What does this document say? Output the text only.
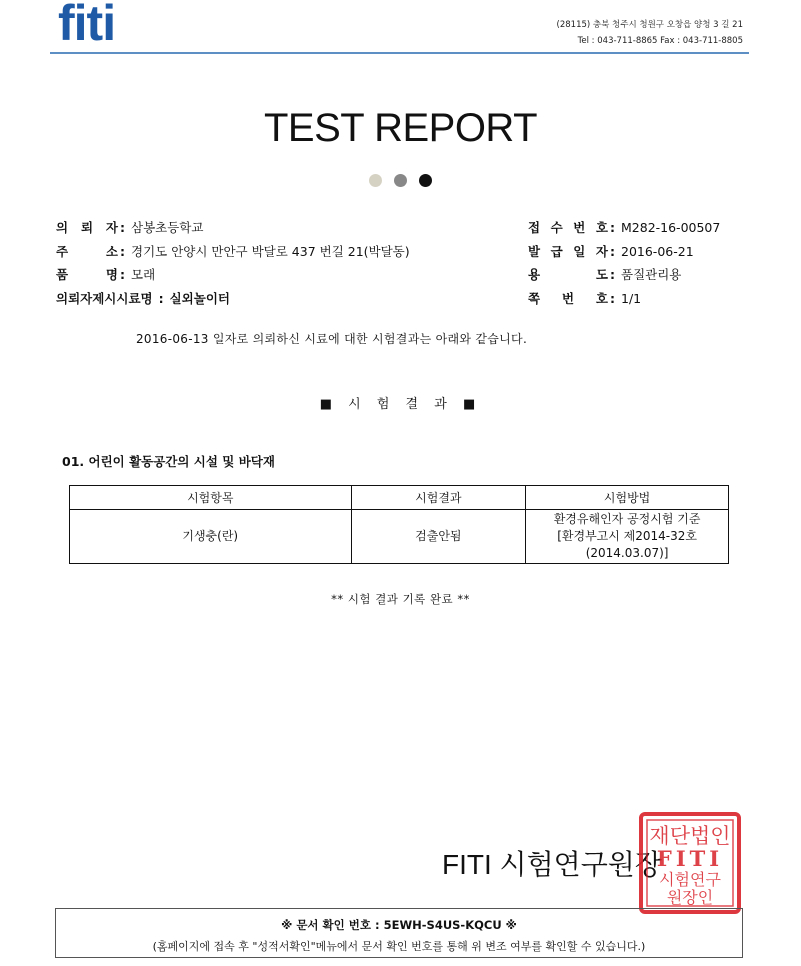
fiti	(28115) 충북 청주시 청원구 오창읍 양청 3 길 21
Tel : 043-711-8865 Fax : 043-711-8805
TEST REPORT
의 뢰 자 : 삼봉초등학교
주 소 : 경기도 안양시 만안구 박달로 437 번길 21(박달동)
품 명 : 모래
의뢰자제시시료명 : 실외놀이터
접 수 번 호 : M282-16-00507
발 급 일 자 : 2016-06-21
용 도 : 품질관리용
쪽 번 호 : 1/1
2016-06-13 일자로 의뢰하신 시료에 대한 시험결과는 아래와 같습니다.
■ 시 험 결 과 ■
01. 어린이 활동공간의 시설 및 바닥재
시험항목	시험결과	시험방법
기생충(란)	검출안됨	환경유해인자 공정시험 기준
[환경부고시 제2014-32호
(2014.03.07)]
** 시험 결과 기록 완료 **
FITI 시험연구원장
재단법인
FITI
시험연구
원장인
※ 문서 확인 번호 : 5EWH-S4US-KQCU ※
(홈페이지에 접속 후 "성적서확인"메뉴에서 문서 확인 번호를 통해 위 변조 여부를 확인할 수 있습니다.)
